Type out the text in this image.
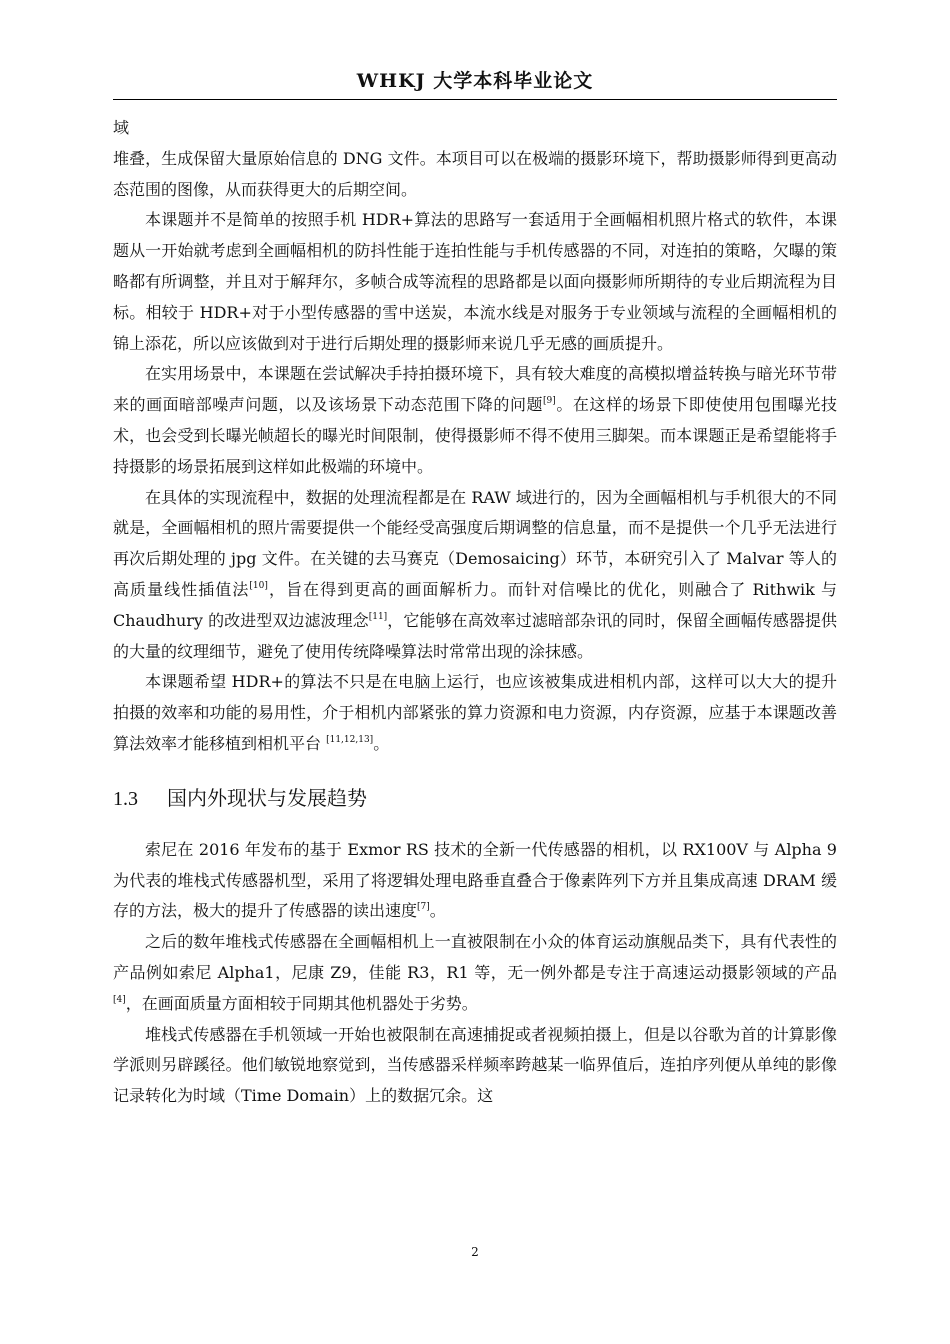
WHKJ 大学本科毕业论文

域

堆叠，生成保留大量原始信息的 DNG 文件。本项目可以在极端的摄影环境下，帮助摄影师得到更高动态范围的图像，从而获得更大的后期空间。

本课题并不是简单的按照手机 HDR+算法的思路写一套适用于全画幅相机照片格式的软件，本课题从一开始就考虑到全画幅相机的防抖性能于连拍性能与手机传感器的不同，对连拍的策略，欠曝的策略都有所调整，并且对于解拜尔，多帧合成等流程的思路都是以面向摄影师所期待的专业后期流程为目标。相较于 HDR+对于小型传感器的雪中送炭，本流水线是对服务于专业领域与流程的全画幅相机的锦上添花，所以应该做到对于进行后期处理的摄影师来说几乎无感的画质提升。

在实用场景中，本课题在尝试解决手持拍摄环境下，具有较大难度的高模拟增益转换与暗光环节带来的画面暗部噪声问题，以及该场景下动态范围下降的问题[9]。在这样的场景下即使使用包围曝光技术，也会受到长曝光帧超长的曝光时间限制，使得摄影师不得不使用三脚架。而本课题正是希望能将手持摄影的场景拓展到这样如此极端的环境中。

在具体的实现流程中，数据的处理流程都是在 RAW 域进行的，因为全画幅相机与手机很大的不同就是，全画幅相机的照片需要提供一个能经受高强度后期调整的信息量，而不是提供一个几乎无法进行再次后期处理的 jpg 文件。在关键的去马赛克（Demosaicing）环节，本研究引入了 Malvar 等人的高质量线性插值法[10]，旨在得到更高的画面解析力。而针对信噪比的优化，则融合了 Rithwik 与 Chaudhury 的改进型双边滤波理念[11]，它能够在高效率过滤暗部杂讯的同时，保留全画幅传感器提供的大量的纹理细节，避免了使用传统降噪算法时常常出现的涂抹感。

本课题希望 HDR+的算法不只是在电脑上运行，也应该被集成进相机内部，这样可以大大的提升拍摄的效率和功能的易用性，介于相机内部紧张的算力资源和电力资源，内存资源，应基于本课题改善算法效率才能移植到相机平台 [11,12,13]。

1.3 国内外现状与发展趋势

索尼在 2016 年发布的基于 Exmor RS 技术的全新一代传感器的相机，以 RX100V 与 Alpha 9 为代表的堆栈式传感器机型，采用了将逻辑处理电路垂直叠合于像素阵列下方并且集成高速 DRAM 缓存的方法，极大的提升了传感器的读出速度[7]。

之后的数年堆栈式传感器在全画幅相机上一直被限制在小众的体育运动旗舰品类下，具有代表性的产品例如索尼 Alpha1，尼康 Z9，佳能 R3，R1 等，无一例外都是专注于高速运动摄影领域的产品[4]，在画面质量方面相较于同期其他机器处于劣势。

堆栈式传感器在手机领域一开始也被限制在高速捕捉或者视频拍摄上，但是以谷歌为首的计算影像学派则另辟蹊径。他们敏锐地察觉到，当传感器采样频率跨越某一临界值后，连拍序列便从单纯的影像记录转化为时域（Time Domain）上的数据冗余。这

2
